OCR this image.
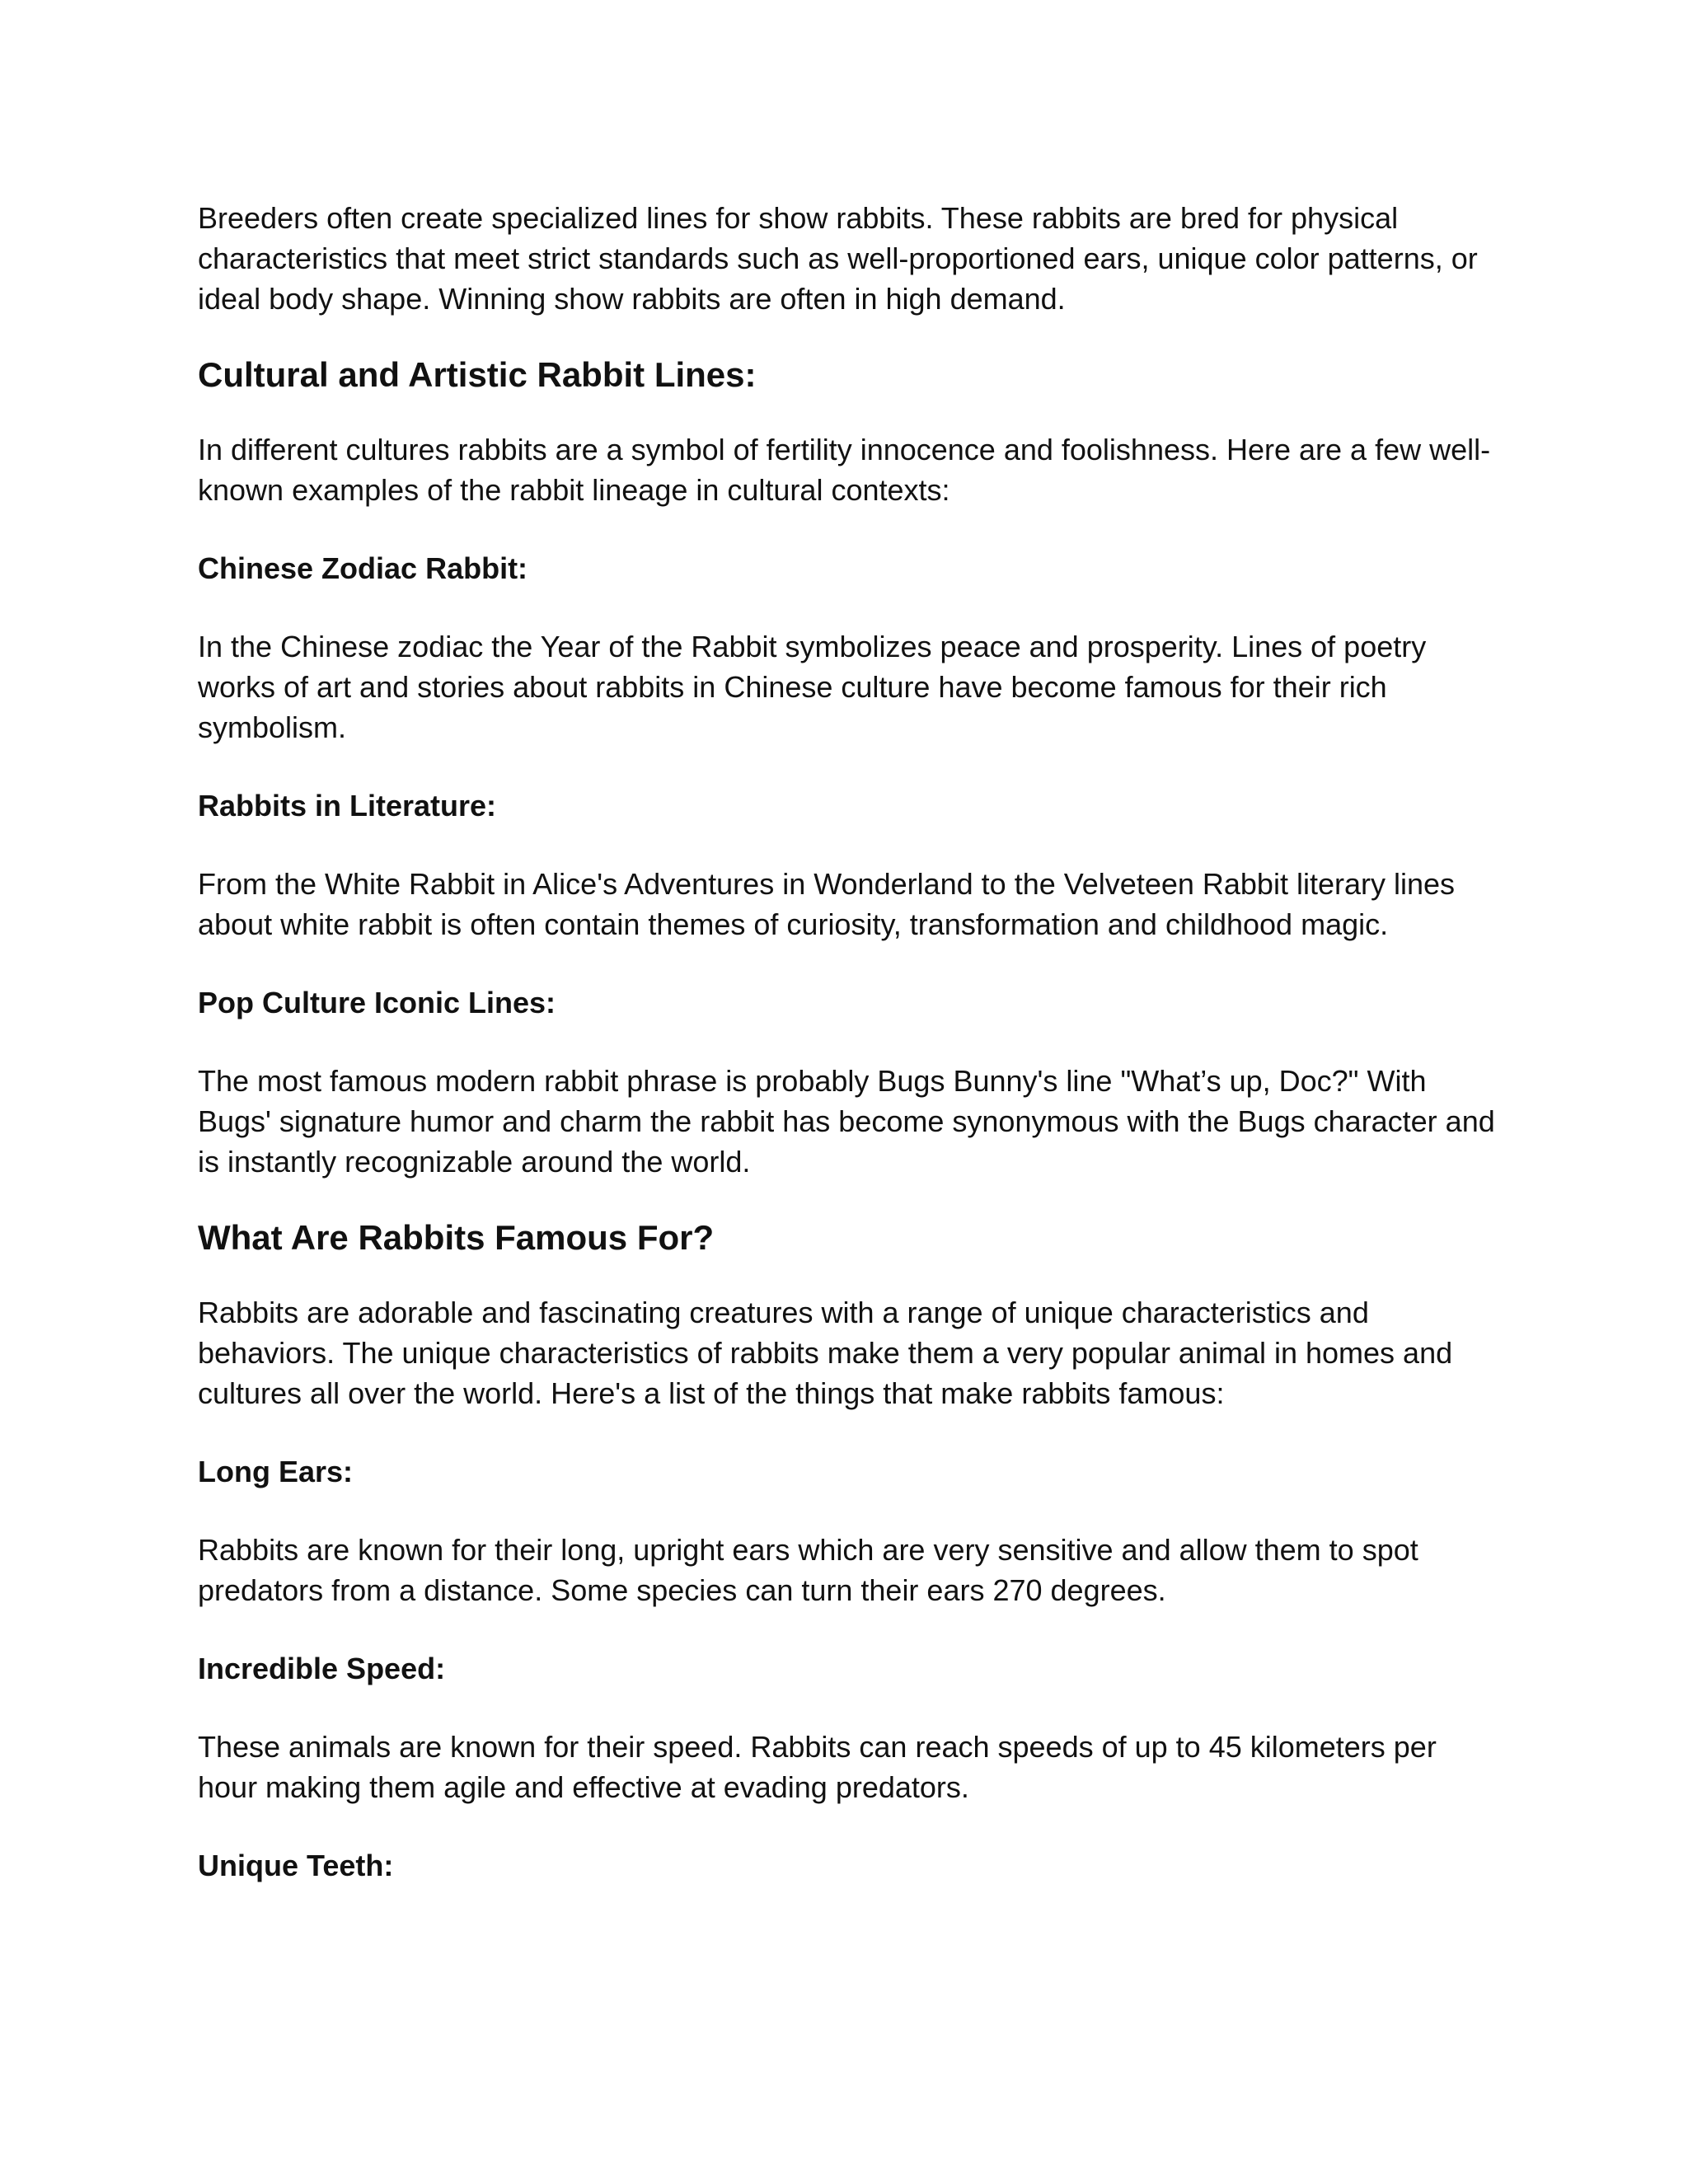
Breeders often create specialized lines for show rabbits. These rabbits are bred for physical characteristics that meet strict standards such as well-proportioned ears, unique color patterns, or ideal body shape. Winning show rabbits are often in high demand.

Cultural and Artistic Rabbit Lines:

In different cultures rabbits are a symbol of fertility innocence and foolishness. Here are a few well-known examples of the rabbit lineage in cultural contexts:

Chinese Zodiac Rabbit:

In the Chinese zodiac the Year of the Rabbit symbolizes peace and prosperity. Lines of poetry works of art and stories about rabbits in Chinese culture have become famous for their rich symbolism.

Rabbits in Literature:

From the White Rabbit in Alice's Adventures in Wonderland to the Velveteen Rabbit literary lines about white rabbit is often contain themes of curiosity, transformation and childhood magic.

Pop Culture Iconic Lines:

The most famous modern rabbit phrase is probably Bugs Bunny's line "What’s up, Doc?" With Bugs' signature humor and charm the rabbit has become synonymous with the Bugs character and is instantly recognizable around the world.

What Are Rabbits Famous For?

Rabbits are adorable and fascinating creatures with a range of unique characteristics and behaviors. The unique characteristics of rabbits make them a very popular animal in homes and cultures all over the world. Here's a list of the things that make rabbits famous:

Long Ears:

Rabbits are known for their long, upright ears which are very sensitive and allow them to spot predators from a distance. Some species can turn their ears 270 degrees.

Incredible Speed:

These animals are known for their speed. Rabbits can reach speeds of up to 45 kilometers per hour making them agile and effective at evading predators.

Unique Teeth:
